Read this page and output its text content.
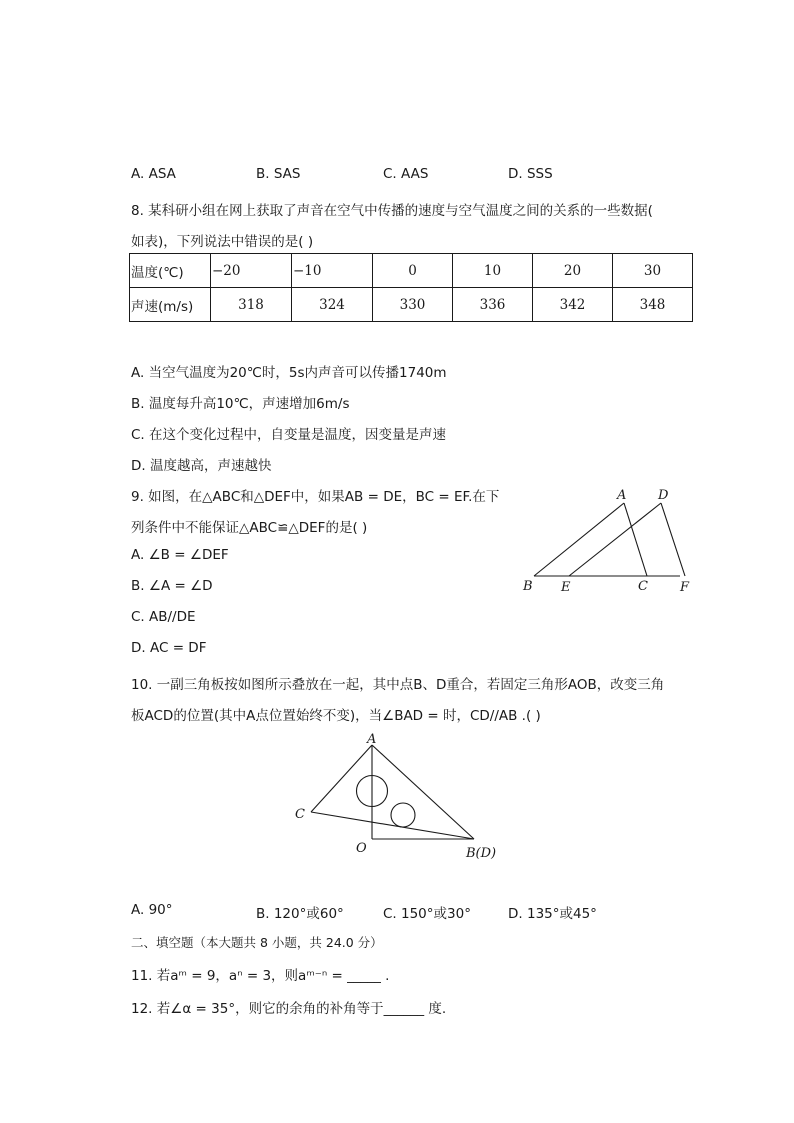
A. ASA	B. SAS	C. AAS	D. SSS
8. 某科研小组在网上获取了声音在空气中传播的速度与空气温度之间的关系的一些数据(
如表)，下列说法中错误的是( )
温度(℃)	−20	−10	0	10	20	30
声速(m/s)	318	324	330	336	342	348
A. 当空气温度为20℃时，5s内声音可以传播1740m
B. 温度每升高10℃，声速增加6m/s
C. 在这个变化过程中，自变量是温度，因变量是声速
D. 温度越高，声速越快
9. 如图，在△ABC和△DEF中，如果AB = DE，BC = EF.在下
列条件中不能保证△ABC≌△DEF的是( )
A. ∠B = ∠DEF
B. ∠A = ∠D
C. AB//DE
D. AC = DF
A D
B E	C F
10. 一副三角板按如图所示叠放在一起，其中点B、D重合，若固定三角形AOB，改变三角
板ACD的位置(其中A点位置始终不变)，当∠BAD = 时，CD//AB .( )
A
C
O	B(D)
A. 90°	B. 120°或60°	C. 150°或30°	D. 135°或45°
二、填空题（本大题共 8 小题，共 24.0 分）
11. 若aᵐ = 9，aⁿ = 3，则aᵐ⁻ⁿ = _____ .
12. 若∠α = 35°，则它的余角的补角等于______ 度.
